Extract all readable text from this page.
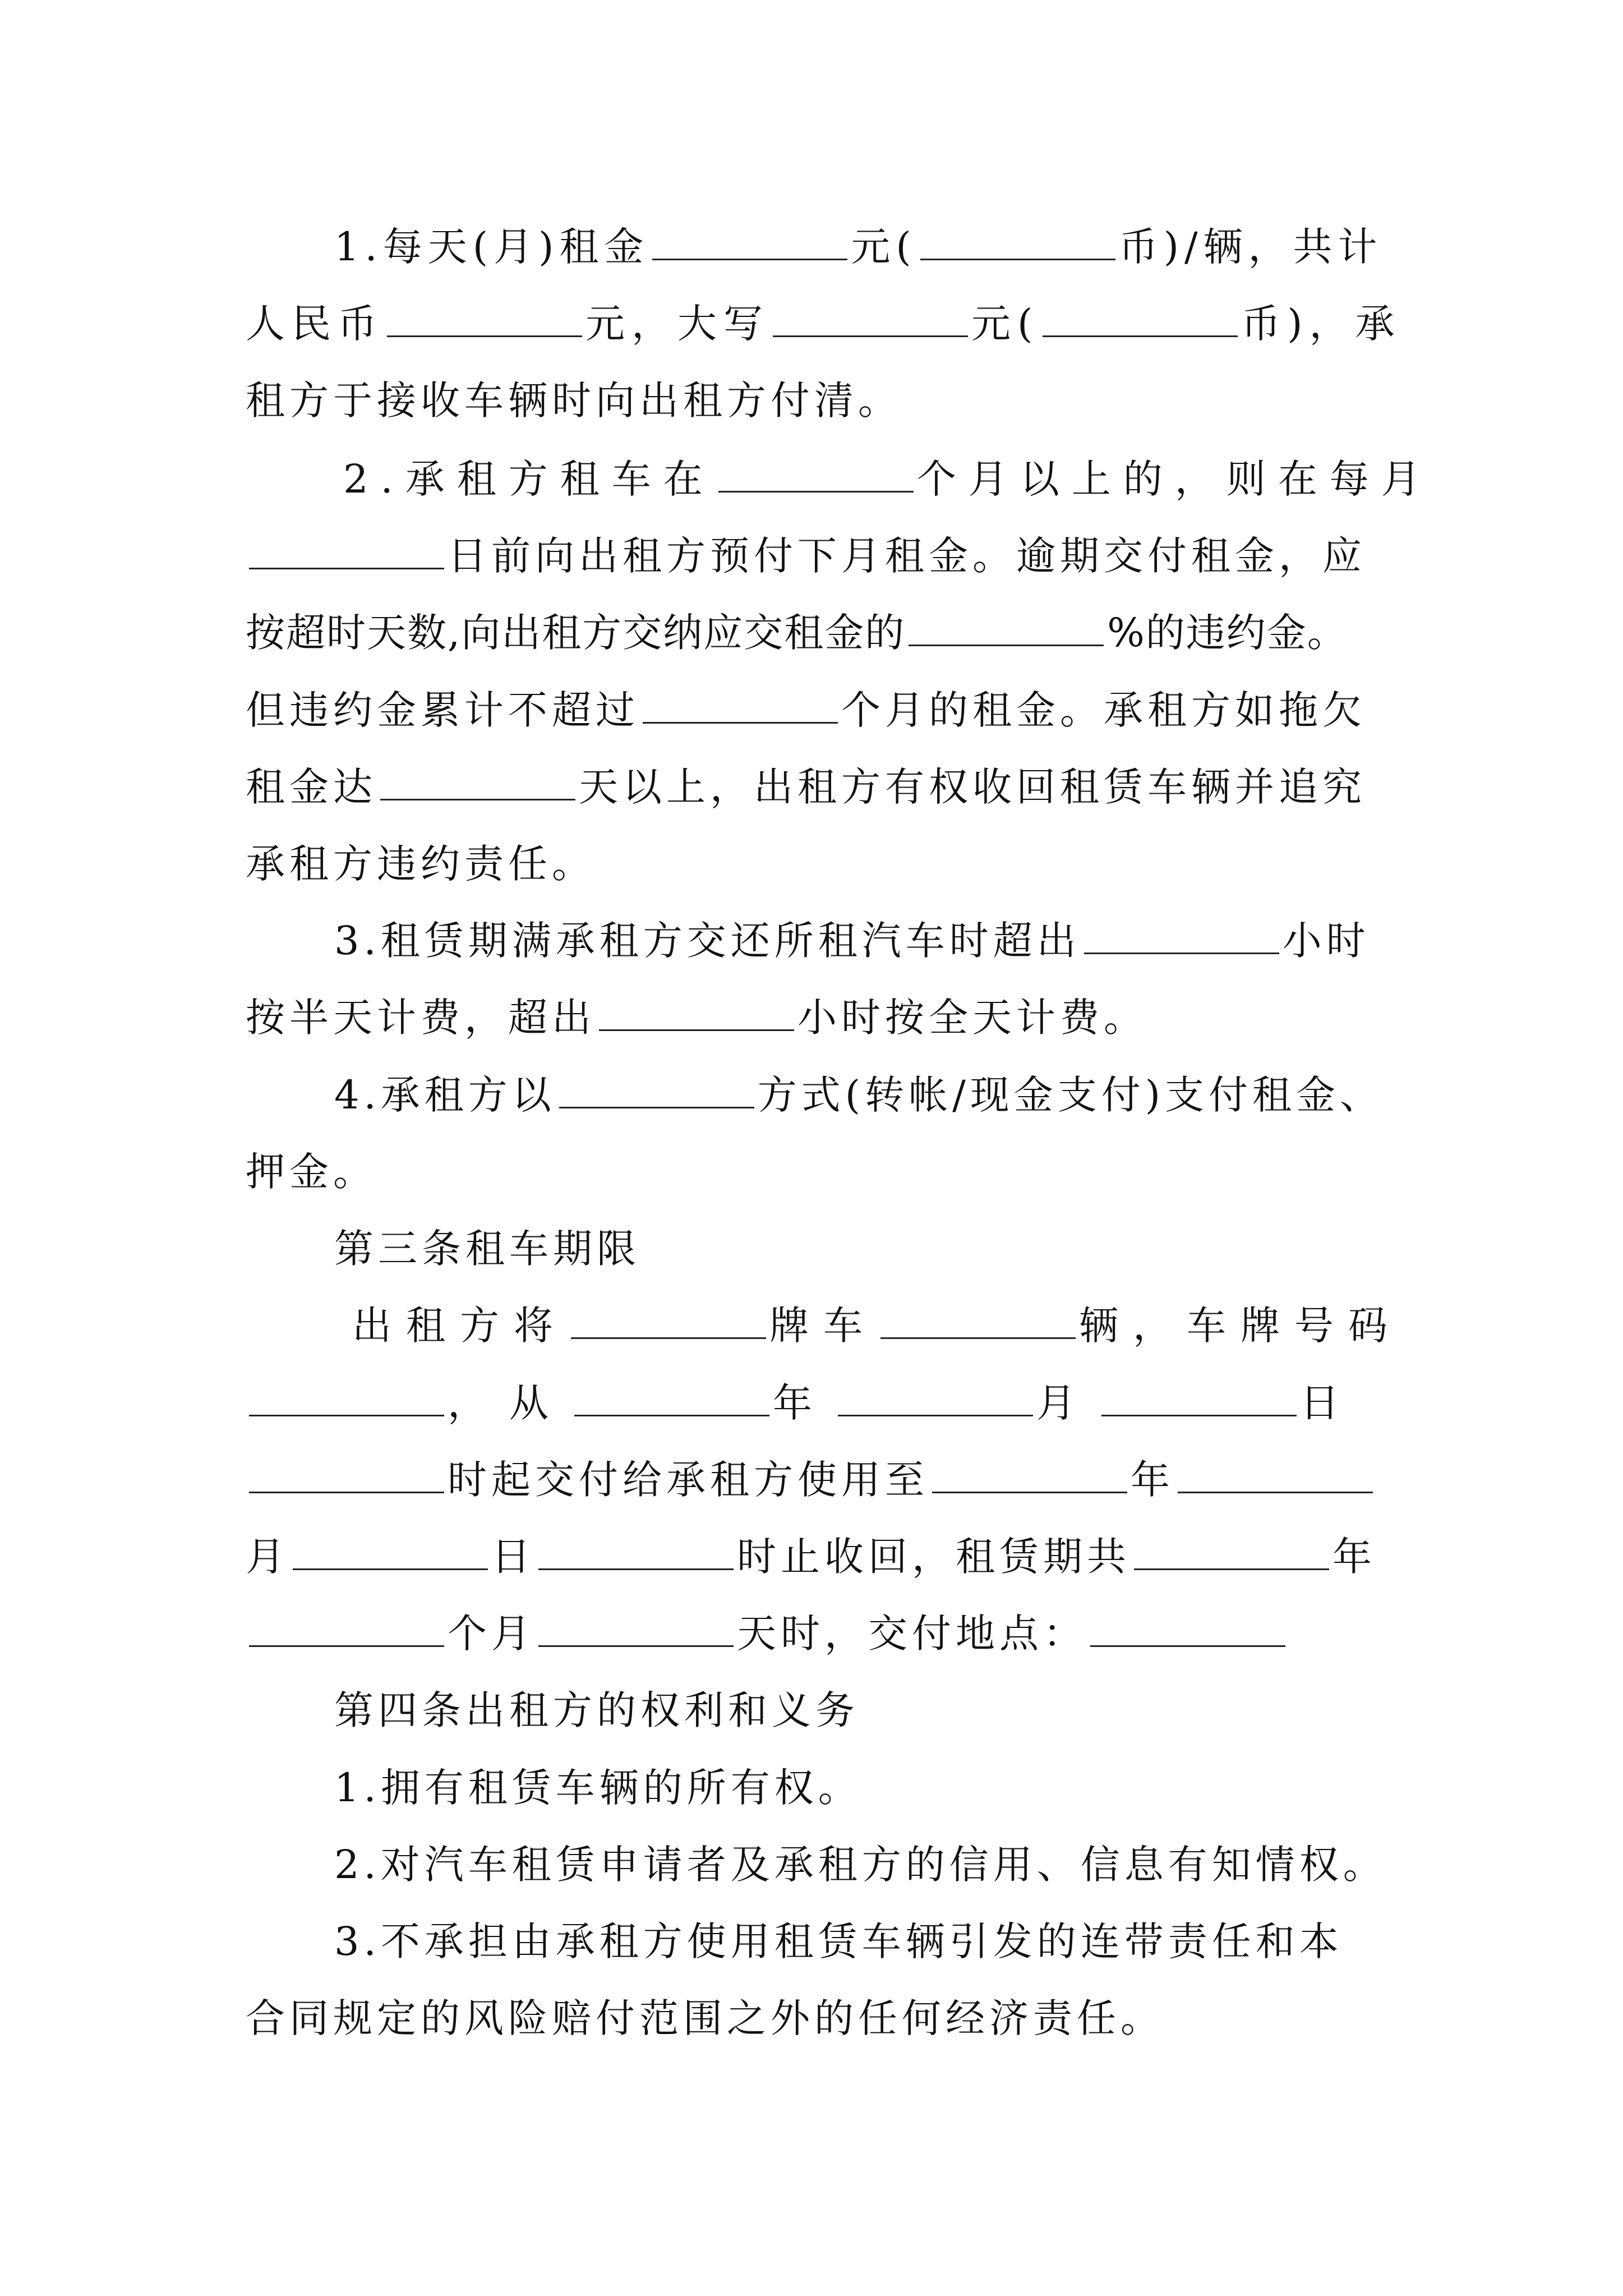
1.每天(月)租金	元(	币)/辆，共计
人民币	元，大写	元(	币)，承
租方于接收车辆时向出租方付清。
2.承租方租车在	个月以上的，则在每月
日前向出租方预付下月租金。逾期交付租金，应
按超时天数,向出租方交纳应交租金的	%的违约金。
但违约金累计不超过	个月的租金。承租方如拖欠
租金达	天以上，出租方有权收回租赁车辆并追究
承租方违约责任。
3.租赁期满承租方交还所租汽车时超出	小时
按半天计费，超出	小时按全天计费。
4.承租方以	方式(转帐/现金支付)支付租金、
押金。
第三条租车期限
出租方将	牌车	辆，车牌号码
，从	年	月	日
时起交付给承租方使用至	年
月	日	时止收回，租赁期共	年
个月	天时，交付地点：
第四条出租方的权利和义务
1.拥有租赁车辆的所有权。
2.对汽车租赁申请者及承租方的信用、信息有知情权。
3.不承担由承租方使用租赁车辆引发的连带责任和本
合同规定的风险赔付范围之外的任何经济责任。
